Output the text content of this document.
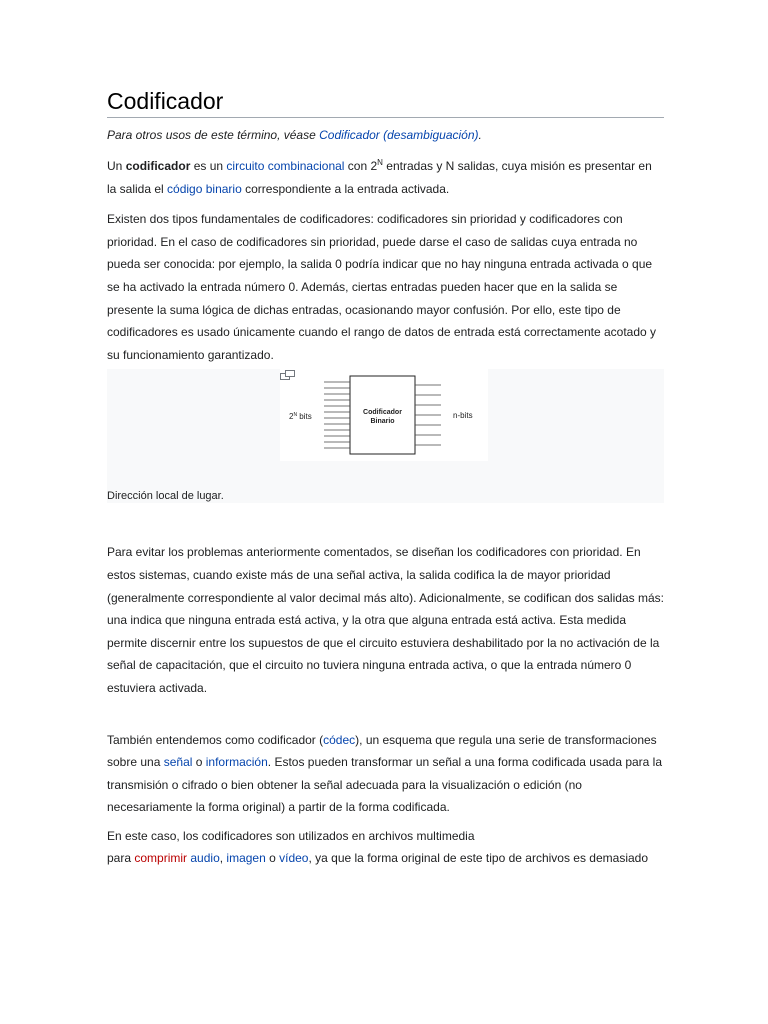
Codificador
Para otros usos de este término, véase Codificador (desambiguación).

Un codificador es un circuito combinacional con $2^N$ entradas y N salidas, cuya misión es presentar en la salida el código binario correspondiente a la entrada activada.

Existen dos tipos fundamentales de codificadores: codificadores sin prioridad y codificadores con prioridad. En el caso de codificadores sin prioridad, puede darse el caso de salidas cuya entrada no pueda ser conocida: por ejemplo, la salida 0 podría indicar que no hay ninguna entrada activada o que se ha activado la entrada número 0. Además, ciertas entradas pueden hacer que en la salida se presente la suma lógica de dichas entradas, ocasionando mayor confusión. Por ello, este tipo de codificadores es usado únicamente cuando el rango de datos de entrada está correctamente acotado y su funcionamiento garantizado.

$2^N$ bits	Codificador
Binario
n-bits
Dirección local de lugar.

Para evitar los problemas anteriormente comentados, se diseñan los codificadores con prioridad. En estos sistemas, cuando existe más de una señal activa, la salida codifica la de mayor prioridad (generalmente correspondiente al valor decimal más alto). Adicionalmente, se codifican dos salidas más: una indica que ninguna entrada está activa, y la otra que alguna entrada está activa. Esta medida permite discernir entre los supuestos de que el circuito estuviera deshabilitado por la no activación de la señal de capacitación, que el circuito no tuviera ninguna entrada activa, o que la entrada número 0 estuviera activada.

También entendemos como codificador (códec), un esquema que regula una serie de transformaciones sobre una señal o información. Estos pueden transformar un señal a una forma codificada usada para la transmisión o cifrado o bien obtener la señal adecuada para la visualización o edición (no necesariamente la forma original) a partir de la forma codificada.

En este caso, los codificadores son utilizados en archivos multimedia
para comprimir audio, imagen o vídeo, ya que la forma original de este tipo de archivos es demasiado
